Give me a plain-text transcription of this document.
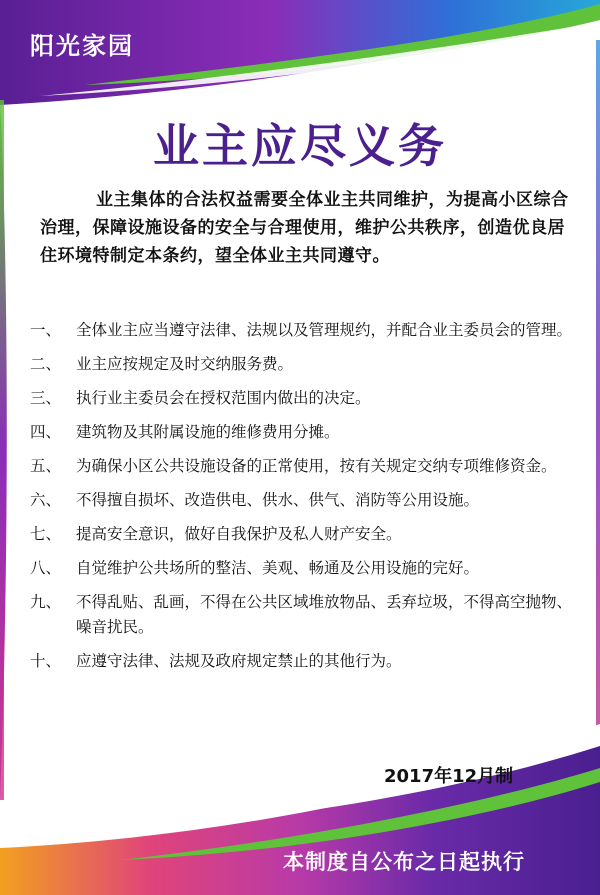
阳光家园
业主应尽义务

业主集体的合法权益需要全体业主共同维护，为提高小区综合治理，保障设施设备的安全与合理使用，维护公共秩序，创造优良居住环境特制定本条约，望全体业主共同遵守。

一、 全体业主应当遵守法律、法规以及管理规约，并配合业主委员会的管理。
二、 业主应按规定及时交纳服务费。
三、 执行业主委员会在授权范围内做出的决定。
四、 建筑物及其附属设施的维修费用分摊。
五、 为确保小区公共设施设备的正常使用，按有关规定交纳专项维修资金。
六、 不得擅自损坏、改造供电、供水、供气、消防等公用设施。
七、 提高安全意识，做好自我保护及私人财产安全。
八、 自觉维护公共场所的整洁、美观、畅通及公用设施的完好。
九、 不得乱贴、乱画，不得在公共区域堆放物品、丢弃垃圾，不得高空抛物、噪音扰民。
十、 应遵守法律、法规及政府规定禁止的其他行为。

2017年12月制

本制度自公布之日起执行
